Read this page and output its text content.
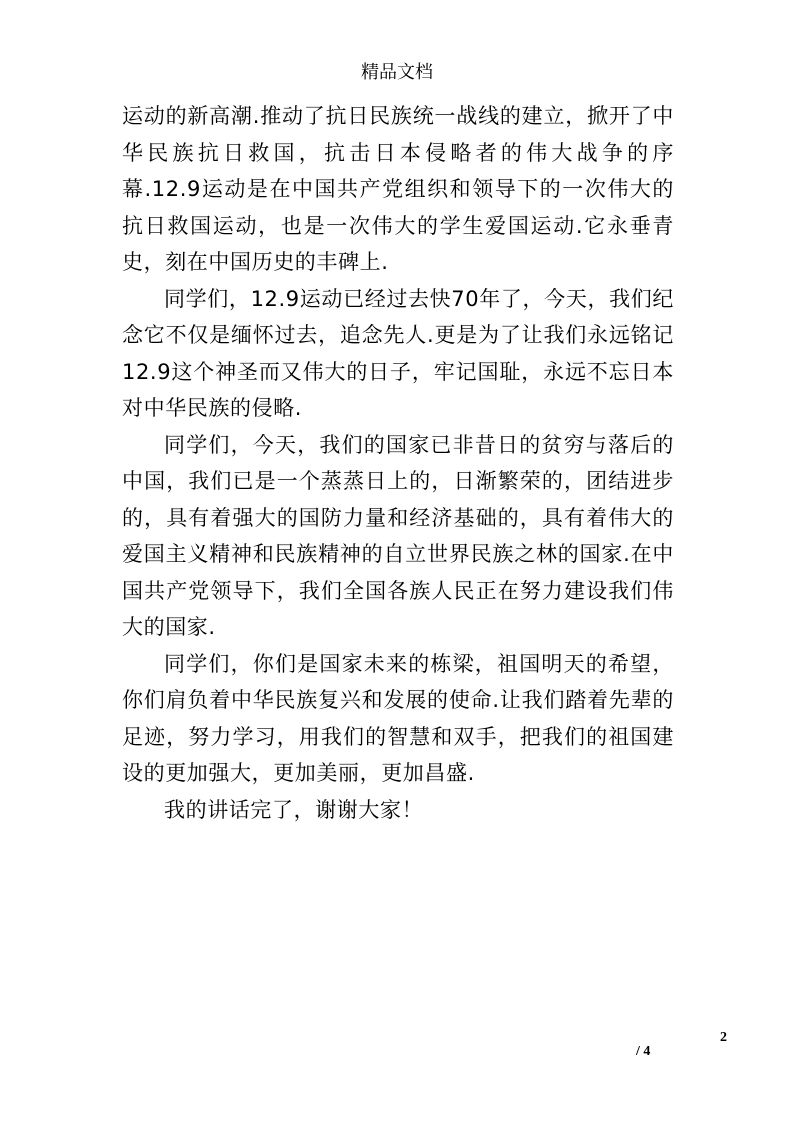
精品文档

运动的新高潮.推动了抗日民族统一战线的建立，掀开了中华民族抗日救国，抗击日本侵略者的伟大战争的序幕.12.9运动是在中国共产党组织和领导下的一次伟大的抗日救国运动，也是一次伟大的学生爱国运动.它永垂青史，刻在中国历史的丰碑上.

同学们，12.9运动已经过去快70年了，今天，我们纪念它不仅是缅怀过去，追念先人.更是为了让我们永远铭记12.9这个神圣而又伟大的日子，牢记国耻，永远不忘日本对中华民族的侵略.

同学们，今天，我们的国家已非昔日的贫穷与落后的中国，我们已是一个蒸蒸日上的，日渐繁荣的，团结进步的，具有着强大的国防力量和经济基础的，具有着伟大的爱国主义精神和民族精神的自立世界民族之林的国家.在中国共产党领导下，我们全国各族人民正在努力建设我们伟大的国家.

同学们，你们是国家未来的栋梁，祖国明天的希望，你们肩负着中华民族复兴和发展的使命.让我们踏着先辈的足迹，努力学习，用我们的智慧和双手，把我们的祖国建设的更加强大，更加美丽，更加昌盛.

我的讲话完了，谢谢大家！

2
/ 4
